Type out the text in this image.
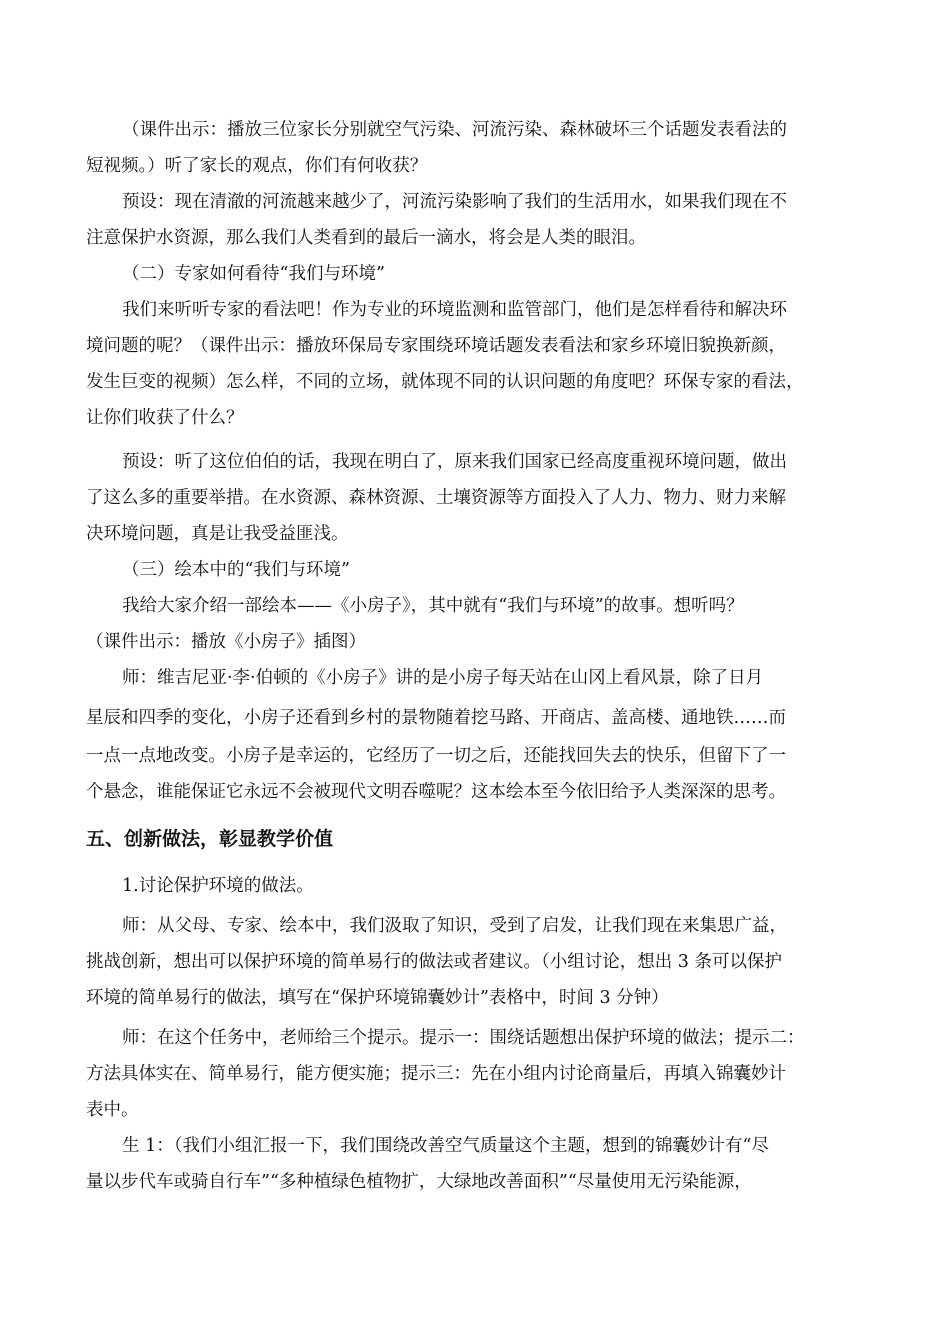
（课件出示：播放三位家长分别就空气污染、河流污染、森林破坏三个话题发表看法的
短视频。）听了家长的观点，你们有何收获？
预设：现在清澈的河流越来越少了，河流污染影响了我们的生活用水，如果我们现在不
注意保护水资源，那么我们人类看到的最后一滴水，将会是人类的眼泪。
（二）专家如何看待“我们与环境”
我们来听听专家的看法吧！作为专业的环境监测和监管部门，他们是怎样看待和解决环
境问题的呢？（课件出示：播放环保局专家围绕环境话题发表看法和家乡环境旧貌换新颜，
发生巨变的视频）怎么样，不同的立场，就体现不同的认识问题的角度吧？环保专家的看法，
让你们收获了什么？
预设：听了这位伯伯的话，我现在明白了，原来我们国家已经高度重视环境问题，做出
了这么多的重要举措。在水资源、森林资源、土壤资源等方面投入了人力、物力、财力来解
决环境问题，真是让我受益匪浅。
（三）绘本中的“我们与环境”
我给大家介绍一部绘本——《小房子》，其中就有“我们与环境”的故事。想听吗？
（课件出示：播放《小房子》插图）
师：维吉尼亚·李·伯顿的《小房子》讲的是小房子每天站在山冈上看风景，除了日月
星辰和四季的变化，小房子还看到乡村的景物随着挖马路、开商店、盖高楼、通地铁……而
一点一点地改变。小房子是幸运的，它经历了一切之后，还能找回失去的快乐，但留下了一
个悬念，谁能保证它永远不会被现代文明吞噬呢？这本绘本至今依旧给予人类深深的思考。
五、创新做法，彰显教学价值
1.讨论保护环境的做法。
师：从父母、专家、绘本中，我们汲取了知识，受到了启发，让我们现在来集思广益，
挑战创新，想出可以保护环境的简单易行的做法或者建议。（小组讨论，想出 3 条可以保护
环境的简单易行的做法，填写在“保护环境锦囊妙计”表格中，时间 3 分钟）
师：在这个任务中，老师给三个提示。提示一：围绕话题想出保护环境的做法；提示二：
方法具体实在、简单易行，能方便实施；提示三：先在小组内讨论商量后，再填入锦囊妙计
表中。
生 1：（我们小组汇报一下，我们围绕改善空气质量这个主题，想到的锦囊妙计有“尽
量以步代车或骑自行车”“多种植绿色植物扩，大绿地改善面积”“尽量使用无污染能源，
